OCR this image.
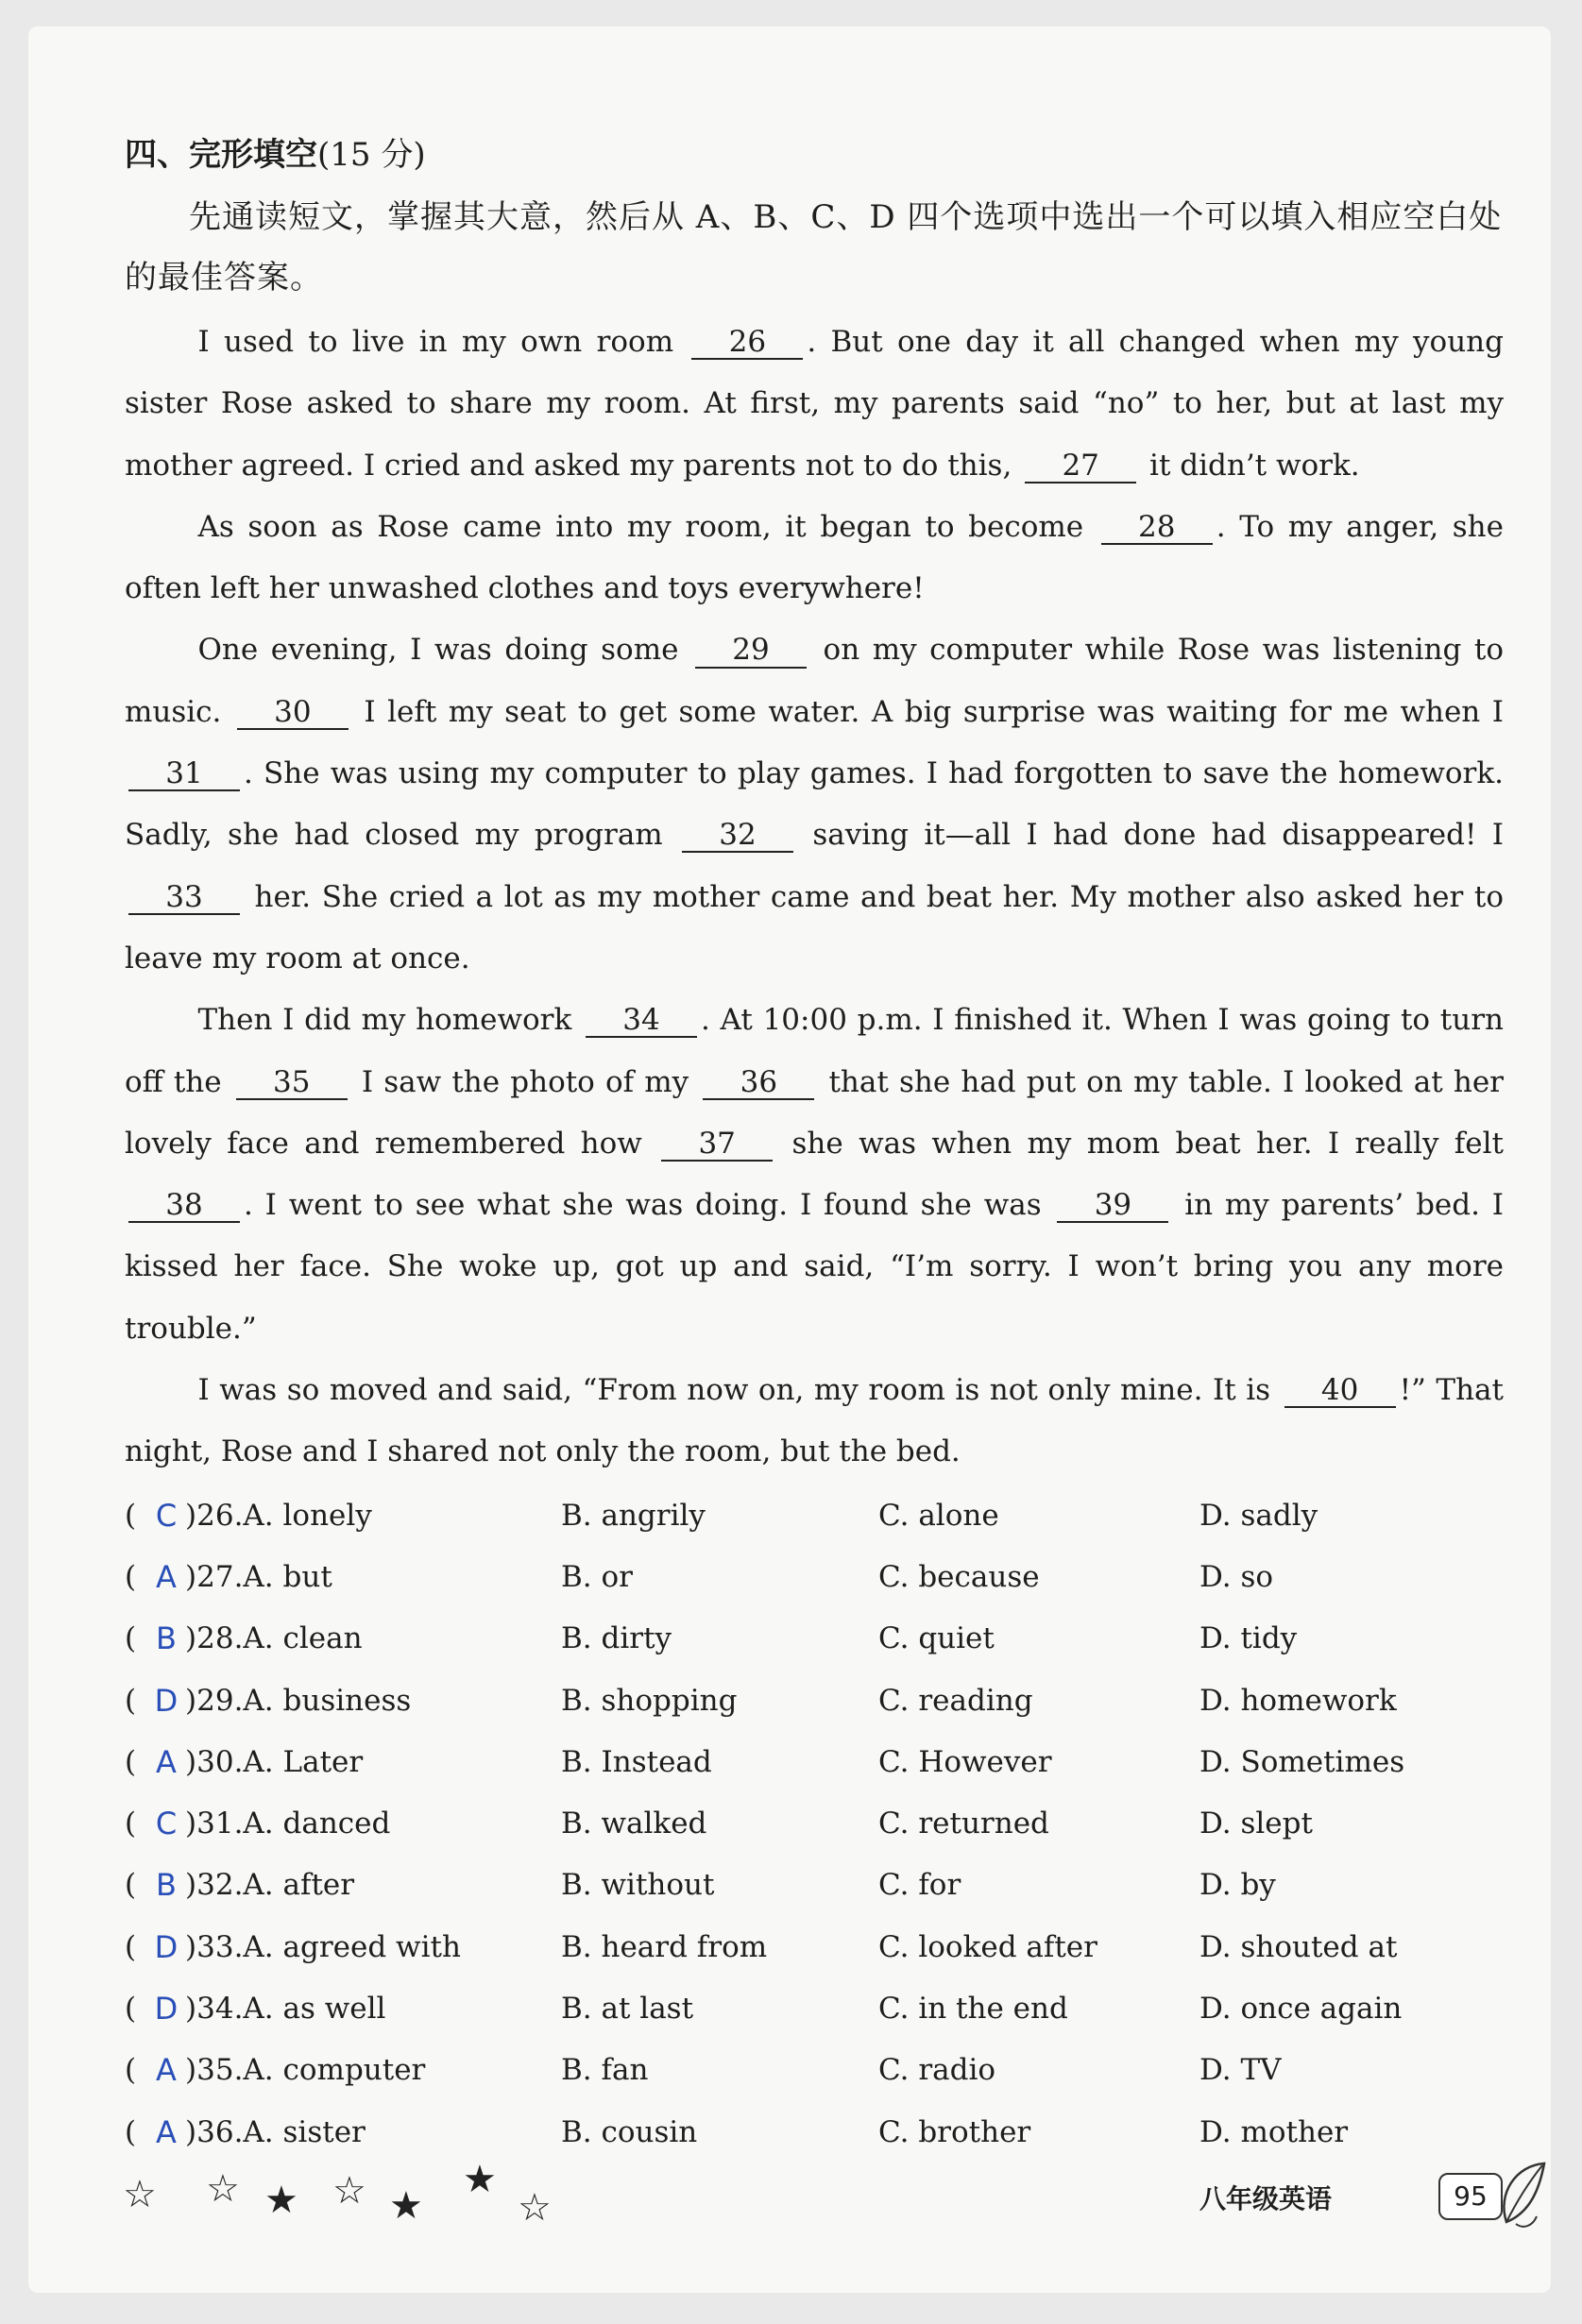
四、完形填空(15 分)

先通读短文，掌握其大意，然后从 A、B、C、D 四个选项中选出一个可以填入相应空白处的最佳答案。

I used to live in my own room 26 . But one day it all changed when my young sister Rose asked to share my room. At first, my parents said “no” to her, but at last my mother agreed. I cried and asked my parents not to do this, 27 it didn’t work.

As soon as Rose came into my room, it began to become 28 . To my anger, she often left her unwashed clothes and toys everywhere!

One evening, I was doing some 29 on my computer while Rose was listening to music. 30 I left my seat to get some water. A big surprise was waiting for me when I 31 . She was using my computer to play games. I had forgotten to save the homework. Sadly, she had closed my program 32 saving it—all I had done had disappeared! I 33 her. She cried a lot as my mother came and beat her. My mother also asked her to leave my room at once.

Then I did my homework 34 . At 10:00 p.m. I finished it. When I was going to turn off the 35 I saw the photo of my 36 that she had put on my table. I looked at her lovely face and remembered how 37 she was when my mom beat her. I really felt 38 . I went to see what she was doing. I found she was 39 in my parents’ bed. I kissed her face. She woke up, got up and said, “I’m sorry. I won’t bring you any more trouble.”

I was so moved and said, “From now on, my room is not only mine. It is 40 !” That night, Rose and I shared not only the room, but the bed.

( C ) 26 . A. lonely	B. angrily	C. alone	D. sadly
( A ) 27 . A. but	B. or	C. because	D. so
( B ) 28 . A. clean	B. dirty	C. quiet	D. tidy
( D ) 29 . A. business	B. shopping	C. reading	D. homework
( A ) 30 . A. Later	B. Instead	C. However	D. Sometimes
( C ) 31 . A. danced	B. walked	C. returned	D. slept
( B ) 32 . A. after	B. without	C. for	D. by
( D ) 33 . A. agreed with	B. heard from	C. looked after	D. shouted at
( D ) 34 . A. as well	B. at last	C. in the end	D. once again
( A ) 35 . A. computer	B. fan	C. radio	D. TV
( A ) 36 . A. sister	B. cousin	C. brother	D. mother
☆ ☆ ★ ☆ ★
★
☆	八年级英语	95
